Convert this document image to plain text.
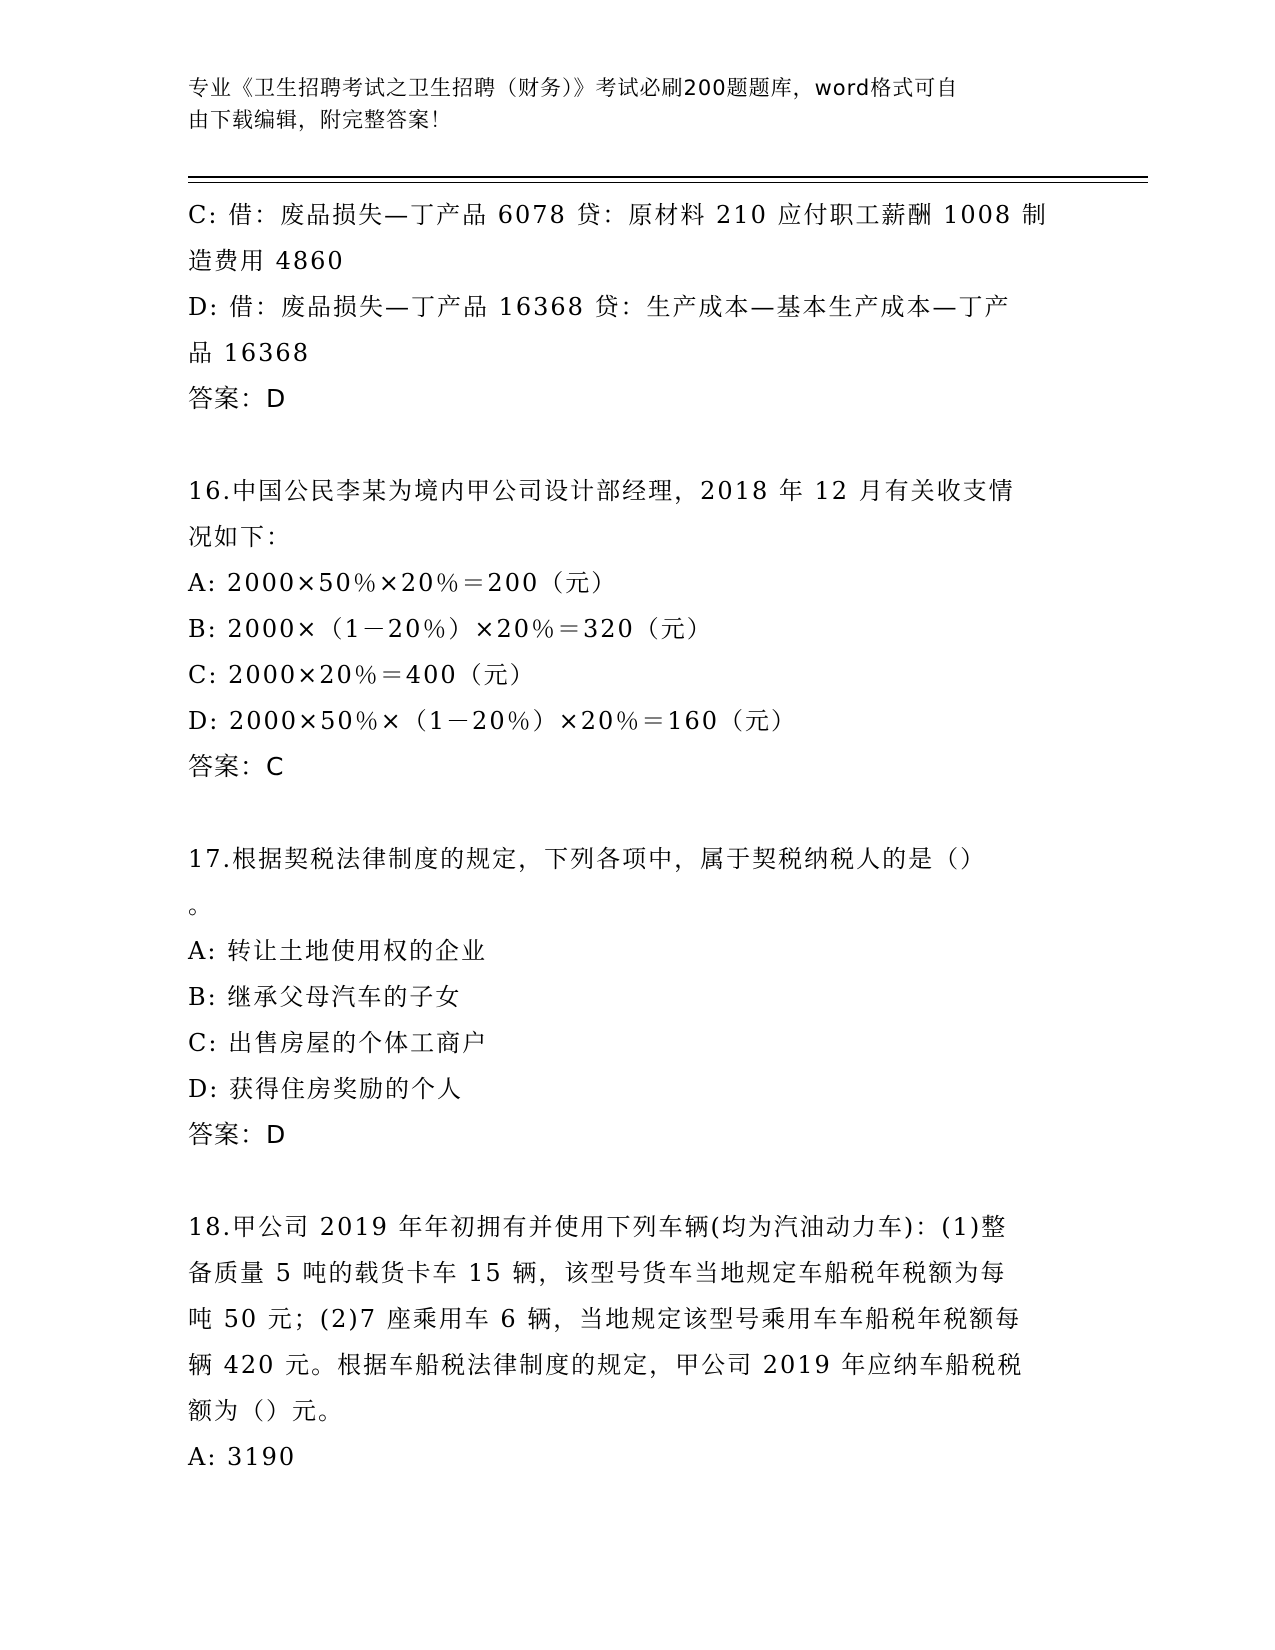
专业《卫生招聘考试之卫生招聘（财务）》考试必刷200题题库，word格式可自
由下载编辑，附完整答案！
C: 借：废品损失—丁产品 6078 贷：原材料 210 应付职工薪酬 1008 制
造费用 4860
D: 借：废品损失—丁产品 16368 贷：生产成本—基本生产成本—丁产
品 16368
答案：D
16.中国公民李某为境内甲公司设计部经理，2018 年 12 月有关收支情
况如下：
A: 2000×50％×20％＝200（元）
B: 2000×（1－20％）×20％＝320（元）
C: 2000×20％＝400（元）
D: 2000×50％×（1－20％）×20％＝160（元）
答案：C
17.根据契税法律制度的规定，下列各项中，属于契税纳税人的是（）
。
A: 转让土地使用权的企业
B: 继承父母汽车的子女
C: 出售房屋的个体工商户
D: 获得住房奖励的个人
答案：D
18.甲公司 2019 年年初拥有并使用下列车辆(均为汽油动力车)：(1)整
备质量 5 吨的载货卡车 15 辆，该型号货车当地规定车船税年税额为每
吨 50 元；(2)7 座乘用车 6 辆，当地规定该型号乘用车车船税年税额每
辆 420 元。根据车船税法律制度的规定，甲公司 2019 年应纳车船税税
额为（）元。
A: 3190
